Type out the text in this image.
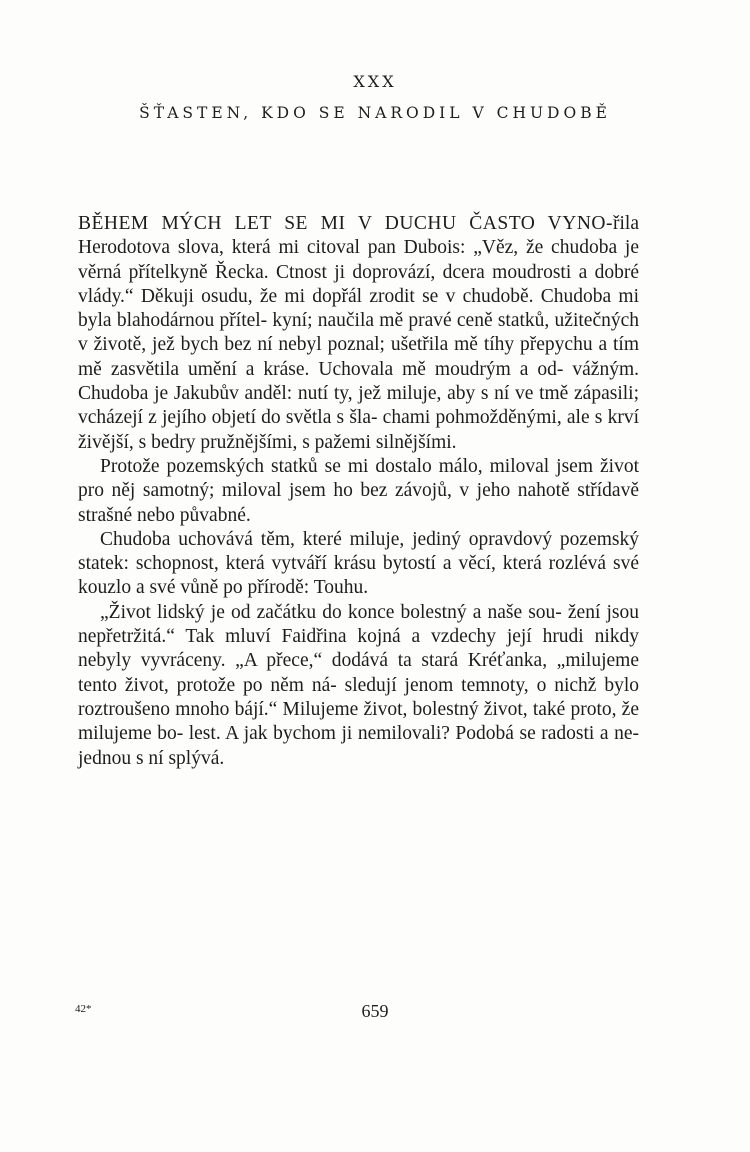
XXX
ŠŤASTEN, KDO SE NARODIL V CHUDOBĚ

BĚHEM MÝCH LET SE MI V DUCHU ČASTO VYNO-řila Herodotova slova, která mi citoval pan Dubois: „Věz, že chudoba je věrná přítelkyně Řecka. Ctnost ji doprovází, dcera moudrosti a dobré vlády.“ Děkuji osudu, že mi dopřál zrodit se v chudobě. Chudoba mi byla blahodárnou přítel- kyní; naučila mě pravé ceně statků, užitečných v životě, jež bych bez ní nebyl poznal; ušetřila mě tíhy přepychu a tím mě zasvětila umění a kráse. Uchovala mě moudrým a od- vážným. Chudoba je Jakubův anděl: nutí ty, jež miluje, aby s ní ve tmě zápasili; vcházejí z jejího objetí do světla s šla- chami pohmožděnými, ale s krví živější, s bedry pružnějšími, s pažemi silnějšími.

Protože pozemských statků se mi dostalo málo, miloval jsem život pro něj samotný; miloval jsem ho bez závojů, v jeho nahotě střídavě strašné nebo půvabné.

Chudoba uchovává těm, které miluje, jediný opravdový pozemský statek: schopnost, která vytváří krásu bytostí a věcí, která rozlévá své kouzlo a své vůně po přírodě: Touhu.

„Život lidský je od začátku do konce bolestný a naše sou- žení jsou nepřetržitá.“ Tak mluví Faidřina kojná a vzdechy její hrudi nikdy nebyly vyvráceny. „A přece,“ dodává ta stará Kréťanka, „milujeme tento život, protože po něm ná- sledují jenom temnoty, o nichž bylo roztroušeno mnoho bájí.“ Milujeme život, bolestný život, také proto, že milujeme bo- lest. A jak bychom ji nemilovali? Podobá se radosti a ne- jednou s ní splývá.

42*	659
